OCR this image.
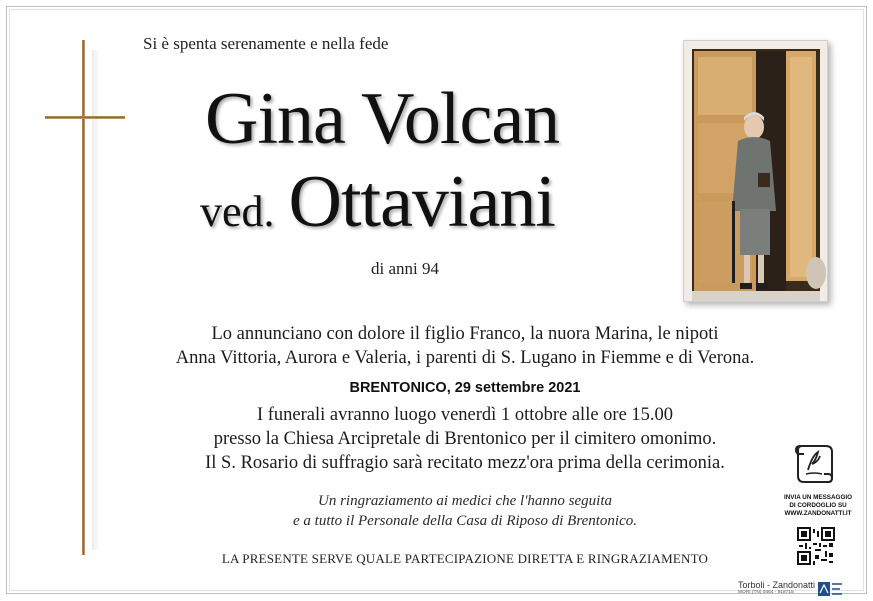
Si è spenta serenamente e nella fede
Gina Volcan
ved. Ottaviani
di anni 94
Lo annunciano con dolore il figlio Franco, la nuora Marina, le nipoti
Anna Vittoria, Aurora e Valeria, i parenti di S. Lugano in Fiemme e di Verona.
BRENTONICO, 29 settembre 2021
I funerali avranno luogo venerdì 1 ottobre alle ore 15.00
presso la Chiesa Arcipretale di Brentonico per il cimitero omonimo.
Il S. Rosario di suffragio sarà recitato mezz'ora prima della cerimonia.
Un ringraziamento ai medici che l'hanno seguita
e a tutto il Personale della Casa di Riposo di Brentonico.
LA PRESENTE SERVE QUALE PARTECIPAZIONE DIRETTA E RINGRAZIAMENTO
INVIA UN MESSAGGIO
DI CORDOGLIO SU
WWW.ZANDONATTI.IT
Torboli - Zandonatti
MORI (TN) 0464 - 918715
